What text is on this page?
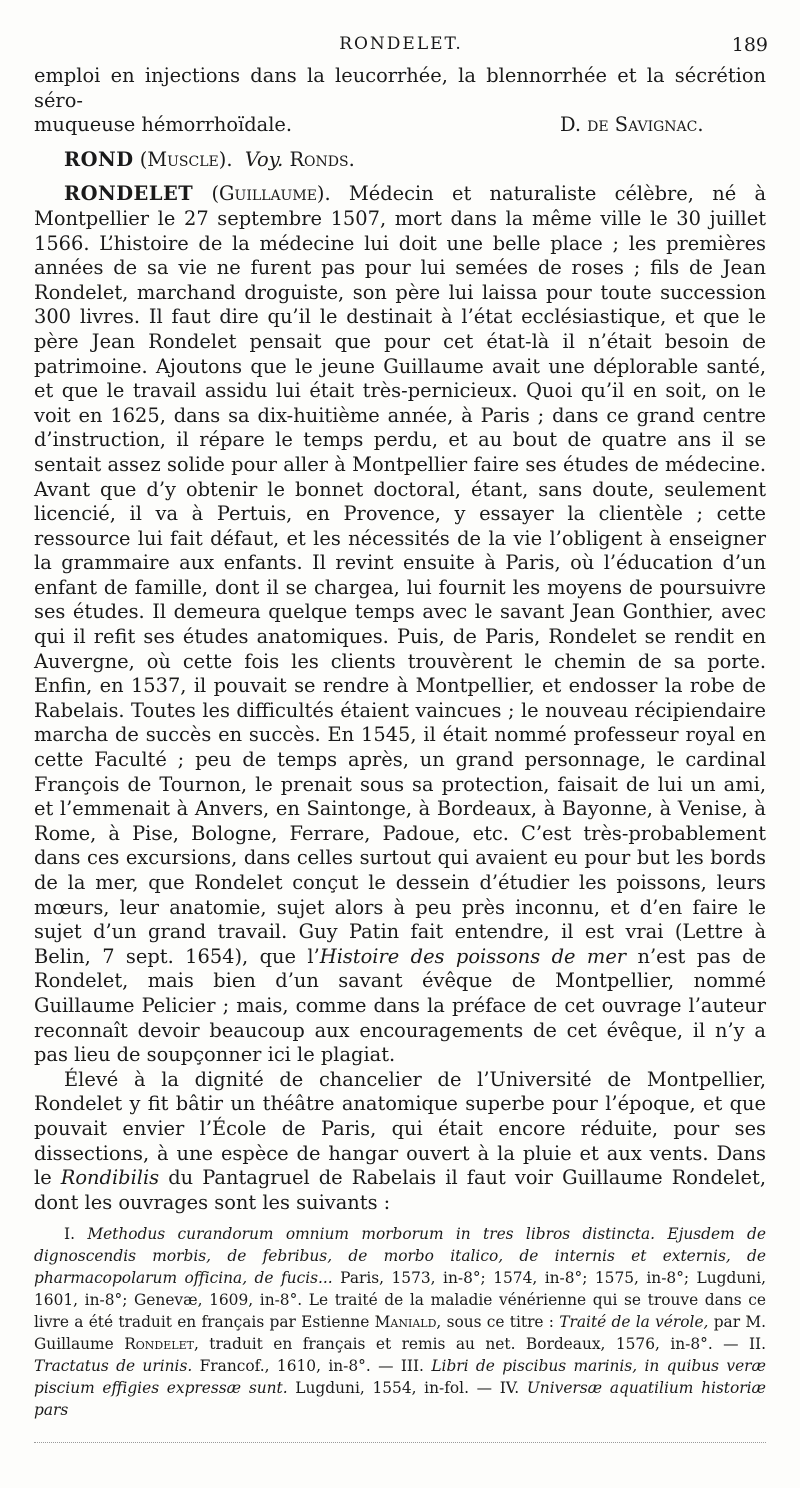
RONDELET.	189

emploi en injections dans la leucorrhée, la blennorrhée et la sécrétion séro-

muqueuse hémorrhoïdale.	D. de Savignac.

ROND (Muscle). Voy. Ronds.

RONDELET (Guillaume). Médecin et naturaliste célèbre, né à Montpellier le 27 septembre 1507, mort dans la même ville le 30 juillet 1566. L’histoire de la médecine lui doit une belle place ; les premières années de sa vie ne furent pas pour lui semées de roses ; fils de Jean Rondelet, marchand droguiste, son père lui laissa pour toute succession 300 livres. Il faut dire qu’il le destinait à l’état ecclésiastique, et que le père Jean Rondelet pensait que pour cet état-là il n’était besoin de patrimoine. Ajoutons que le jeune Guillaume avait une déplorable santé, et que le travail assidu lui était très-pernicieux. Quoi qu’il en soit, on le voit en 1625, dans sa dix-huitième année, à Paris ; dans ce grand centre d’instruction, il répare le temps perdu, et au bout de quatre ans il se sentait assez solide pour aller à Montpellier faire ses études de médecine. Avant que d’y obtenir le bonnet doctoral, étant, sans doute, seulement licencié, il va à Pertuis, en Provence, y essayer la clientèle ; cette ressource lui fait défaut, et les nécessités de la vie l’obligent à enseigner la grammaire aux enfants. Il revint ensuite à Paris, où l’éducation d’un enfant de famille, dont il se chargea, lui fournit les moyens de poursuivre ses études. Il demeura quelque temps avec le savant Jean Gonthier, avec qui il refit ses études anatomiques. Puis, de Paris, Rondelet se rendit en Auvergne, où cette fois les clients trouvèrent le chemin de sa porte. Enfin, en 1537, il pouvait se rendre à Montpellier, et endosser la robe de Rabelais. Toutes les difficultés étaient vaincues ; le nouveau récipiendaire marcha de succès en succès. En 1545, il était nommé professeur royal en cette Faculté ; peu de temps après, un grand personnage, le cardinal François de Tournon, le prenait sous sa protection, faisait de lui un ami, et l’emmenait à Anvers, en Saintonge, à Bordeaux, à Bayonne, à Venise, à Rome, à Pise, Bologne, Ferrare, Padoue, etc. C’est très-probablement dans ces excursions, dans celles surtout qui avaient eu pour but les bords de la mer, que Rondelet conçut le dessein d’étudier les poissons, leurs mœurs, leur anatomie, sujet alors à peu près inconnu, et d’en faire le sujet d’un grand travail. Guy Patin fait entendre, il est vrai (Lettre à Belin, 7 sept. 1654), que l’Histoire des poissons de mer n’est pas de Rondelet, mais bien d’un savant évêque de Montpellier, nommé Guillaume Pelicier ; mais, comme dans la préface de cet ouvrage l’auteur reconnaît devoir beaucoup aux encouragements de cet évêque, il n’y a pas lieu de soupçonner ici le plagiat.

Élevé à la dignité de chancelier de l’Université de Montpellier, Rondelet y fit bâtir un théâtre anatomique superbe pour l’époque, et que pouvait envier l’École de Paris, qui était encore réduite, pour ses dissections, à une espèce de hangar ouvert à la pluie et aux vents. Dans le Rondibilis du Pantagruel de Rabelais il faut voir Guillaume Rondelet, dont les ouvrages sont les suivants :

I. Methodus curandorum omnium morborum in tres libros distincta. Ejusdem de dignoscendis morbis, de febribus, de morbo italico, de internis et externis, de pharmacopolarum officina, de fucis... Paris, 1573, in-8°; 1574, in-8°; 1575, in-8°; Lugduni, 1601, in-8°; Genevæ, 1609, in-8°. Le traité de la maladie vénérienne qui se trouve dans ce livre a été traduit en français par Estienne Maniald, sous ce titre : Traité de la vérole, par M. Guillaume Rondelet, traduit en français et remis au net. Bordeaux, 1576, in-8°. — II. Tractatus de urinis. Francof., 1610, in-8°. — III. Libri de piscibus marinis, in quibus veræ piscium effigies expressæ sunt. Lugduni, 1554, in-fol. — IV. Universæ aquatilium historiæ pars
